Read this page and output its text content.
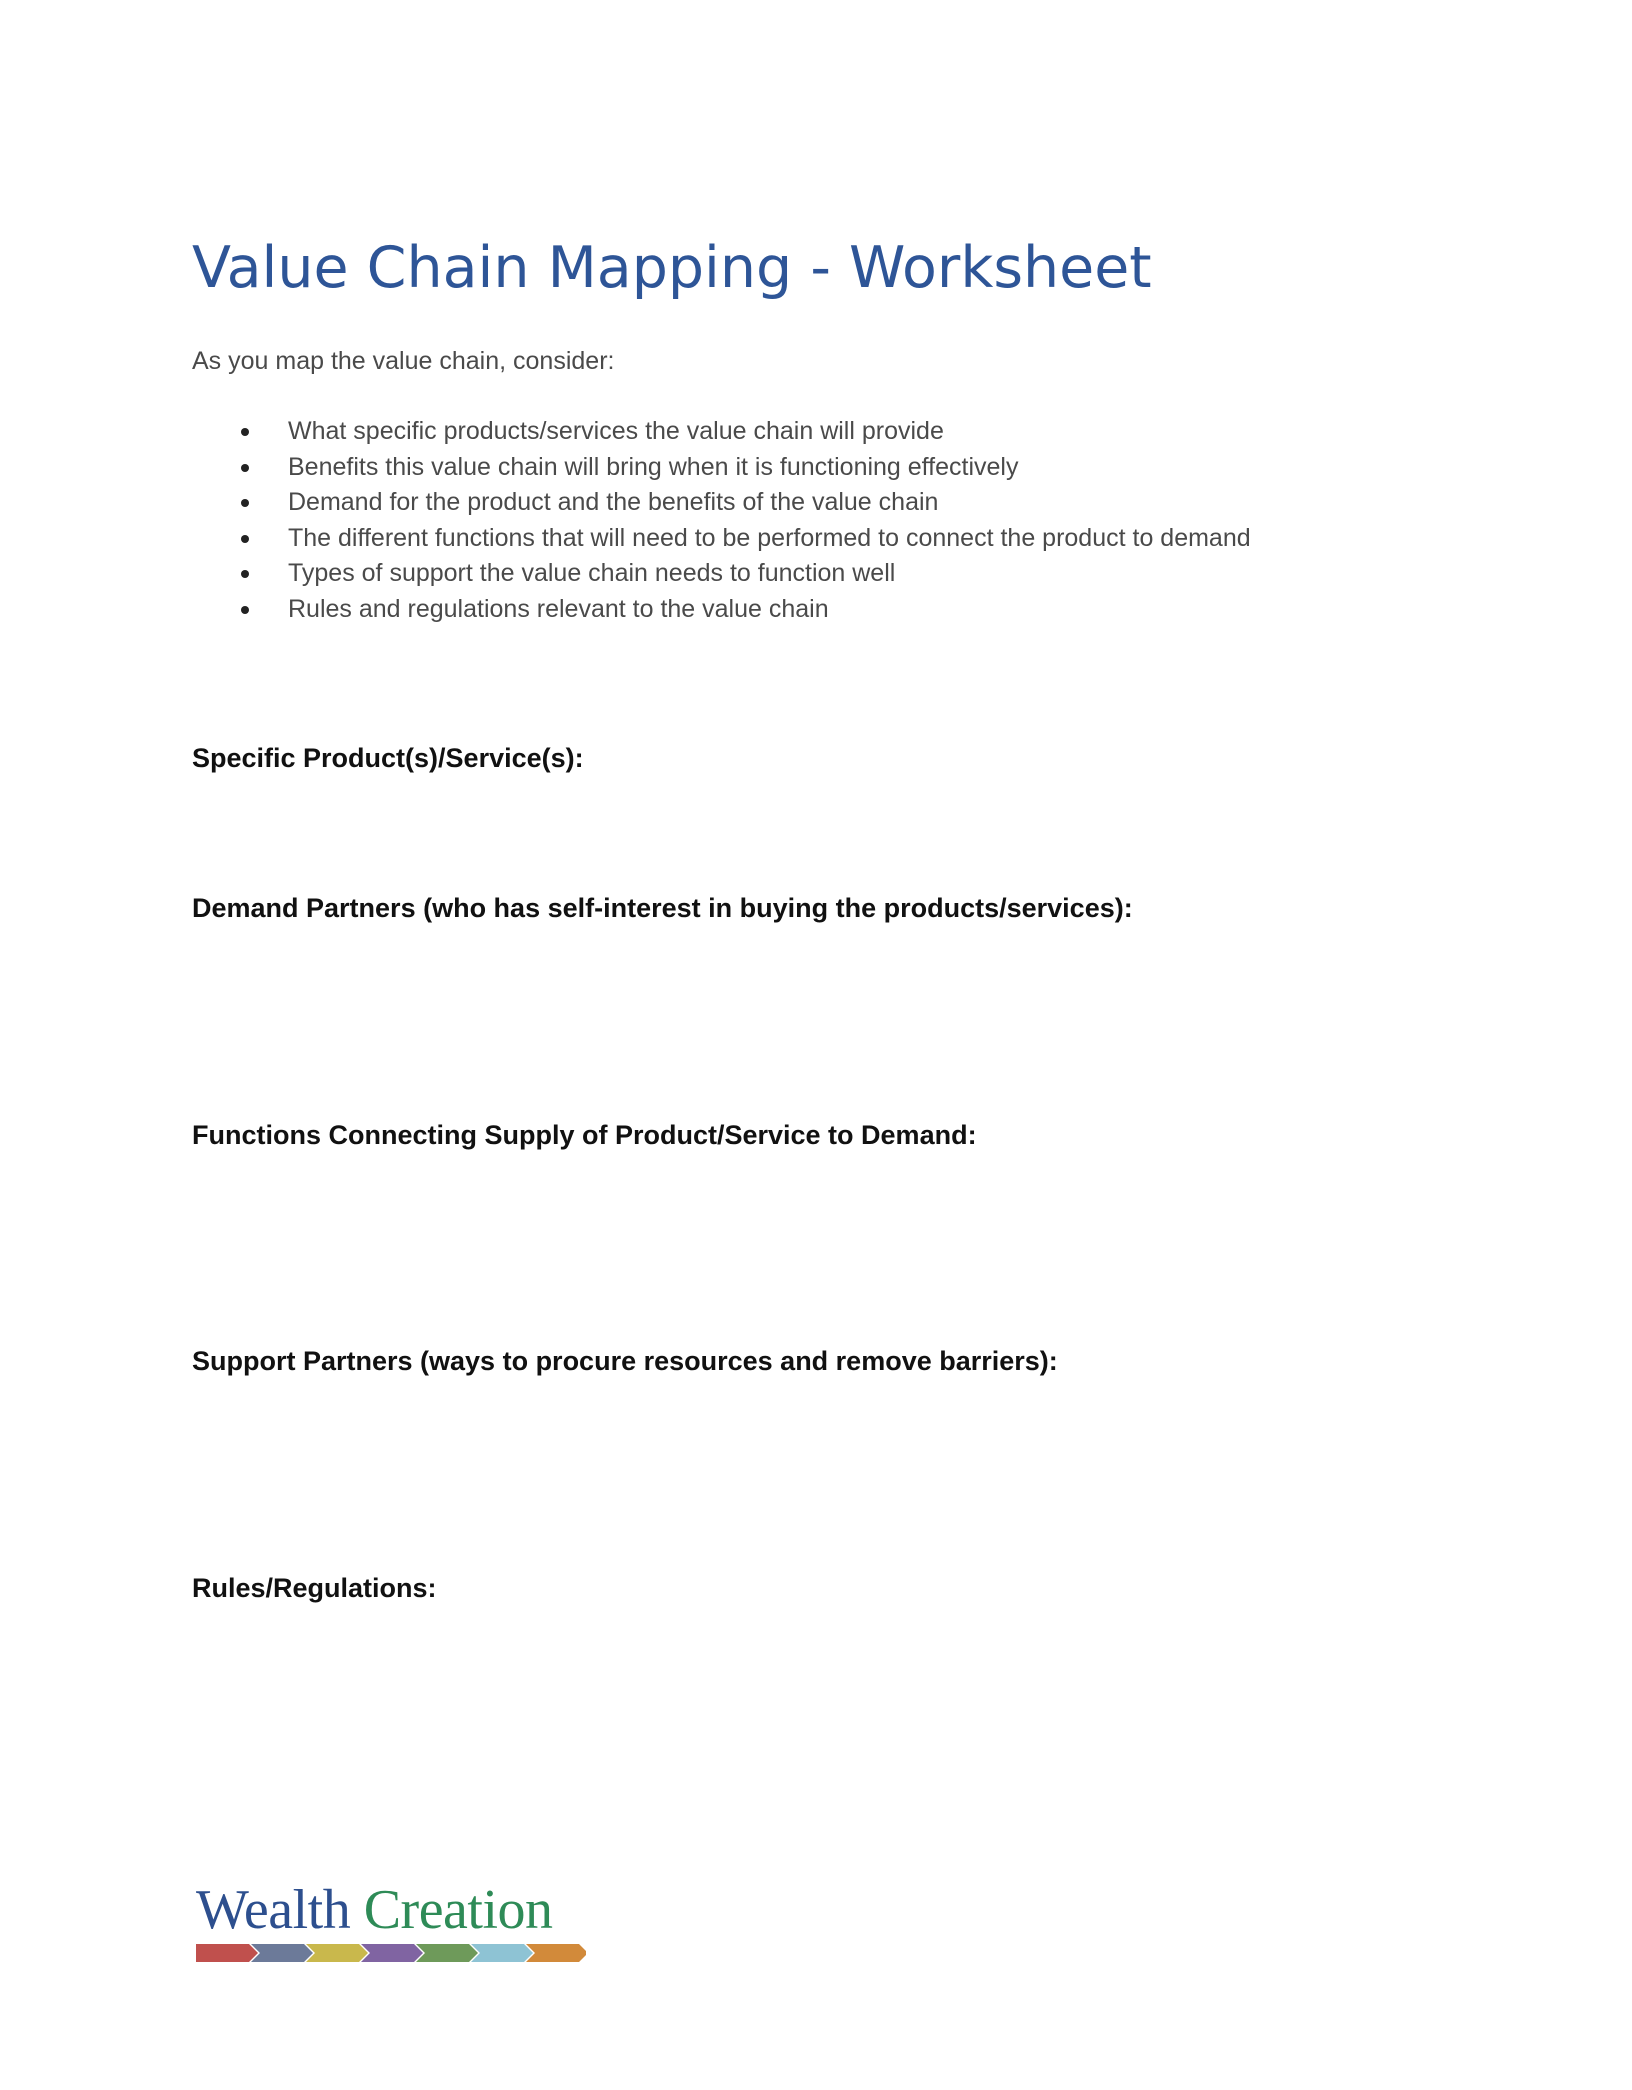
Value Chain Mapping - Worksheet

As you map the value chain, consider:

What specific products/services the value chain will provide
Benefits this value chain will bring when it is functioning effectively
Demand for the product and the benefits of the value chain
The different functions that will need to be performed to connect the product to demand
Types of support the value chain needs to function well
Rules and regulations relevant to the value chain

Specific Product(s)/Service(s):

Demand Partners (who has self-interest in buying the products/services):

Functions Connecting Supply of Product/Service to Demand:

Support Partners (ways to procure resources and remove barriers):

Rules/Regulations:

Wealth Creation
